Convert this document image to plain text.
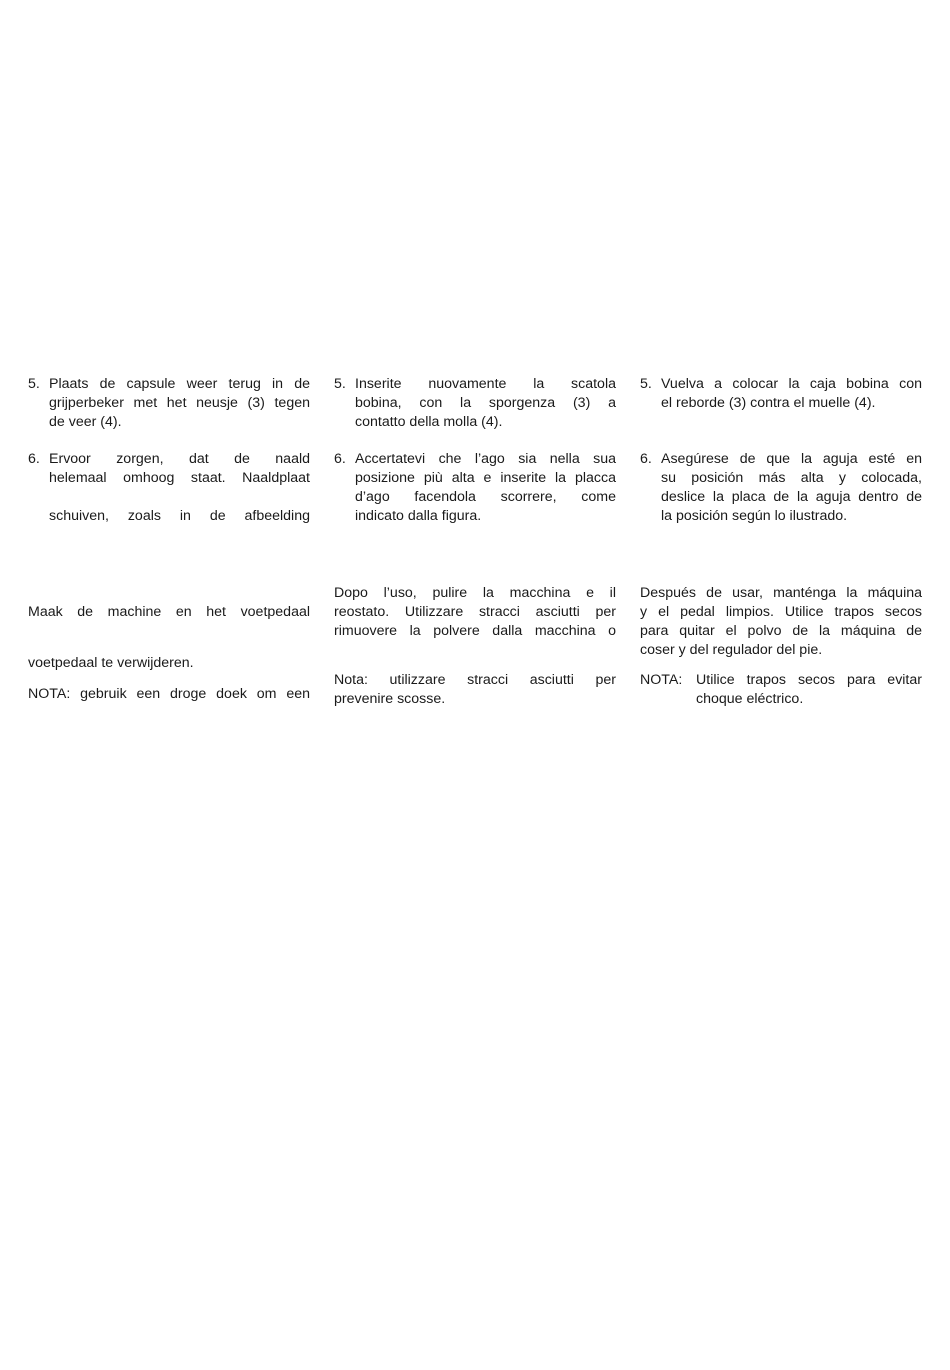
5. Plaats de capsule weer terug in de
grijperbeker met het neusje (3) tegen
de veer (4).
6. Ervoor zorgen, dat de naald
helemaal omhoog staat. Naaldplaat
schuiven, zoals in de afbeelding
Maak de machine en het voetpedaal
voetpedaal te verwijderen.
NOTA: gebruik een droge doek om een
5. Inserite nuovamente la scatola
bobina, con la sporgenza (3) a
contatto della molla (4).
6. Accertatevi che l’ago sia nella sua
posizione più alta e inserite la placca
d’ago facendola scorrere, come
indicato dalla figura.
Dopo l’uso, pulire la macchina e il
reostato. Utilizzare stracci asciutti per
rimuovere la polvere dalla macchina o
Nota: utilizzare stracci asciutti per
prevenire scosse.
5. Vuelva a colocar la caja bobina con
el reborde (3) contra el muelle (4).
6. Asegúrese de que la aguja esté en
su posición más alta y colocada,
deslice la placa de la aguja dentro de
la posición según lo ilustrado.
Después de usar, manténga la máquina
y el pedal limpios. Utilice trapos secos
para quitar el polvo de la máquina de
coser y del regulador del pie.
NOTA: Utilice trapos secos para evitar
choque eléctrico.
